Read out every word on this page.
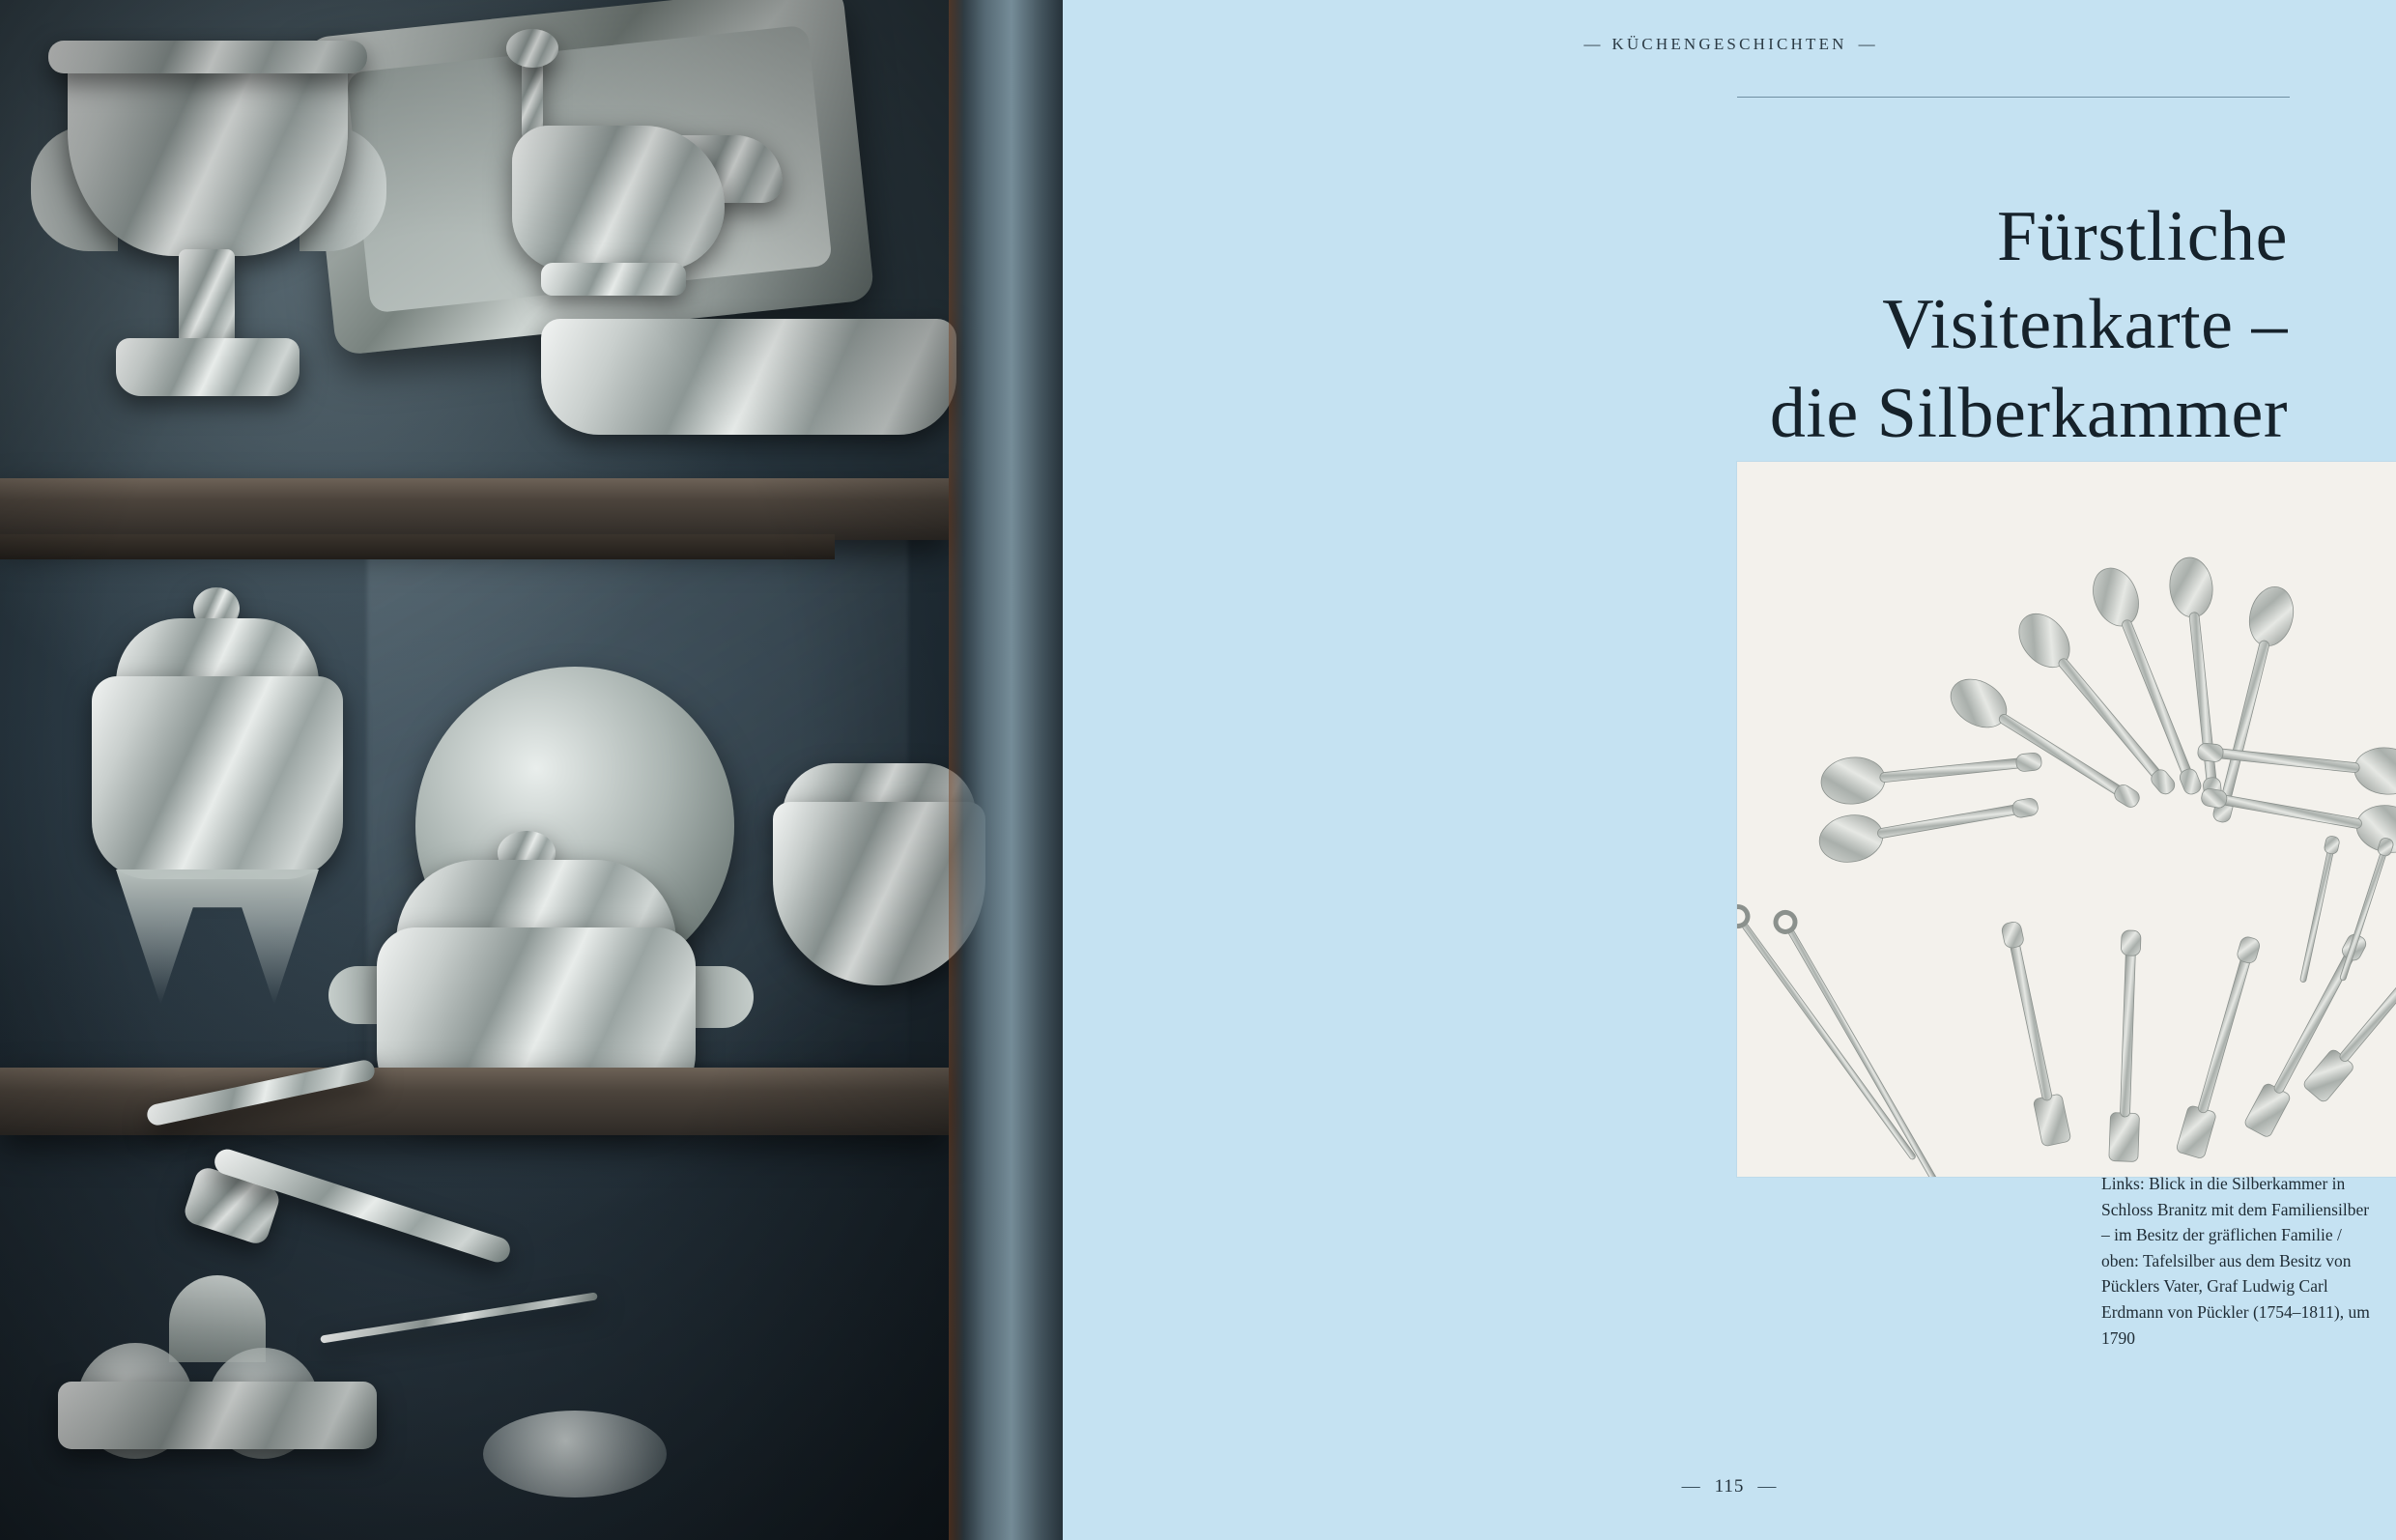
— KÜCHENGESCHICHTEN —
Fürstliche
Visitenkarte –
die Silberkammer
Links: Blick in die Silberkammer in Schloss Branitz mit dem Familiensilber – im Besitz der gräflichen Familie / oben: Tafelsilber aus dem Besitz von Pücklers Vater, Graf Ludwig Carl Erdmann von Pückler (1754–1811), um 1790

— 115 —
